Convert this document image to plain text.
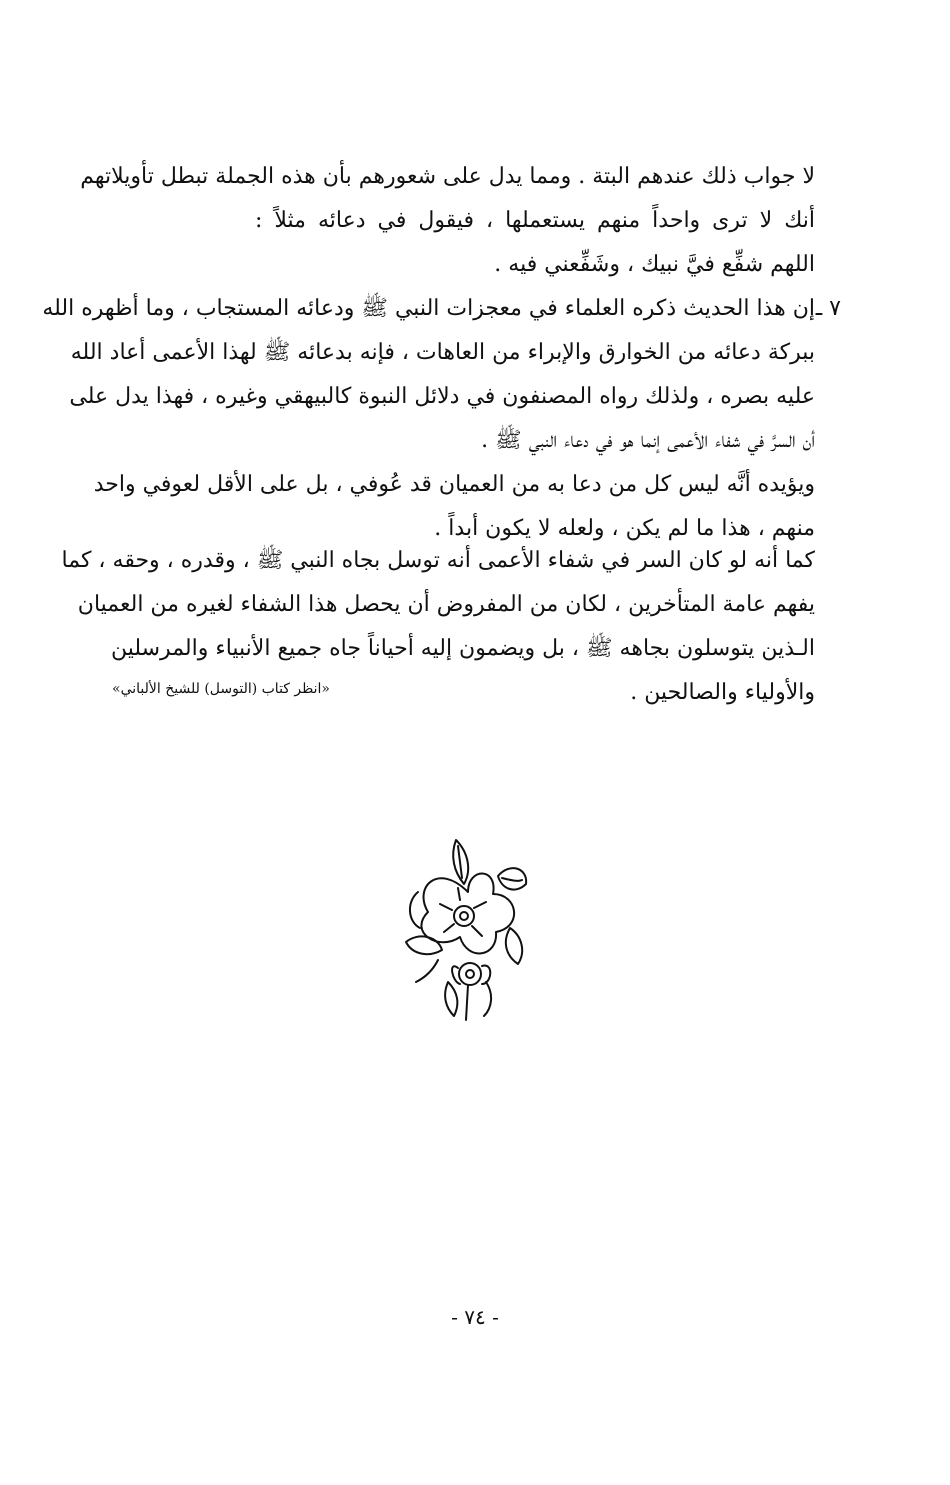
لا جواب ذلك عندهم البتة . ومما يدل على شعورهم بأن هذه الجملة تبطل تأويلاتهم
أنك لا ترى واحداً منهم يستعملها ، فيقول في دعائه مثلاً :
اللهم شفِّع فيَّ نبيك ، وشَفِّعني فيه .
٧ ـ
إن هذا الحديث ذكره العلماء في معجزات النبي ﷺ ودعائه المستجاب ، وما أظهره الله
ببركة دعائه من الخوارق والإبراء من العاهات ، فإنه بدعائه ﷺ لهذا الأعمى أعاد الله
عليه بصره ، ولذلك رواه المصنفون في دلائل النبوة كالبيهقي وغيره ، فهذا يدل على
أن السرَّ في شفاء الأعمى إنما هو في دعاء النبي ﷺ .
ويؤيده أنَّه ليس كل من دعا به من العميان قد عُوفي ، بل على الأقل لعوفي واحد
منهم ، هذا ما لم يكن ، ولعله لا يكون أبداً .
كما أنه لو كان السر في شفاء الأعمى أنه توسل بجاه النبي ﷺ ، وقدره ، وحقه ، كما
يفهم عامة المتأخرين ، لكان من المفروض أن يحصل هذا الشفاء لغيره من العميان
الـذين يتوسلون بجاهه ﷺ ، بل ويضمون إليه أحياناً جاه جميع الأنبياء والمرسلين
والأولياء والصالحين .
«انظر كتاب (التوسل) للشيخ الألباني»
- ٧٤ -
